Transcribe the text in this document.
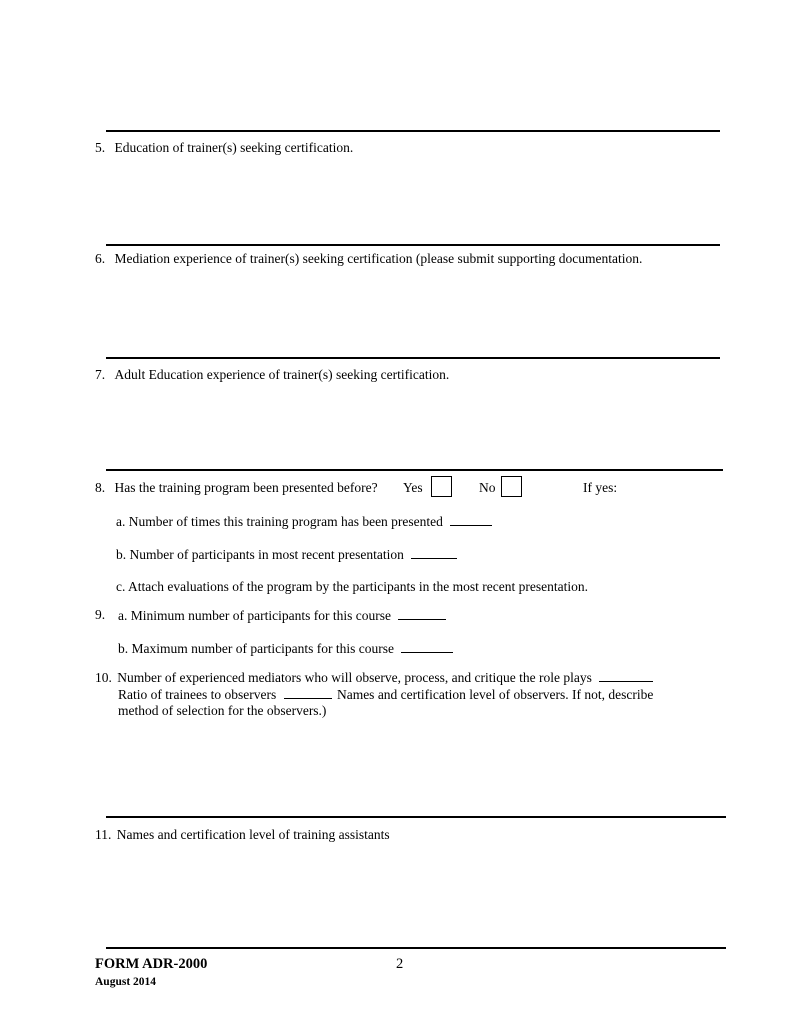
5. Education of trainer(s) seeking certification.
6. Mediation experience of trainer(s) seeking certification (please submit supporting documentation.
7. Adult Education experience of trainer(s) seeking certification.
8. Has the training program been presented before? Yes	No	If yes:
a. Number of times this training program has been presented
b. Number of participants in most recent presentation
c. Attach evaluations of the program by the participants in the most recent presentation.
9. a. Minimum number of participants for this course
b. Maximum number of participants for this course
10. Number of experienced mediators who will observe, process, and critique the role plays
Ratio of trainees to observers	Names and certification level of observers. If not, describe
method of selection for the observers.)
11. Names and certification level of training assistants
FORM ADR-2000	2
August 2014
